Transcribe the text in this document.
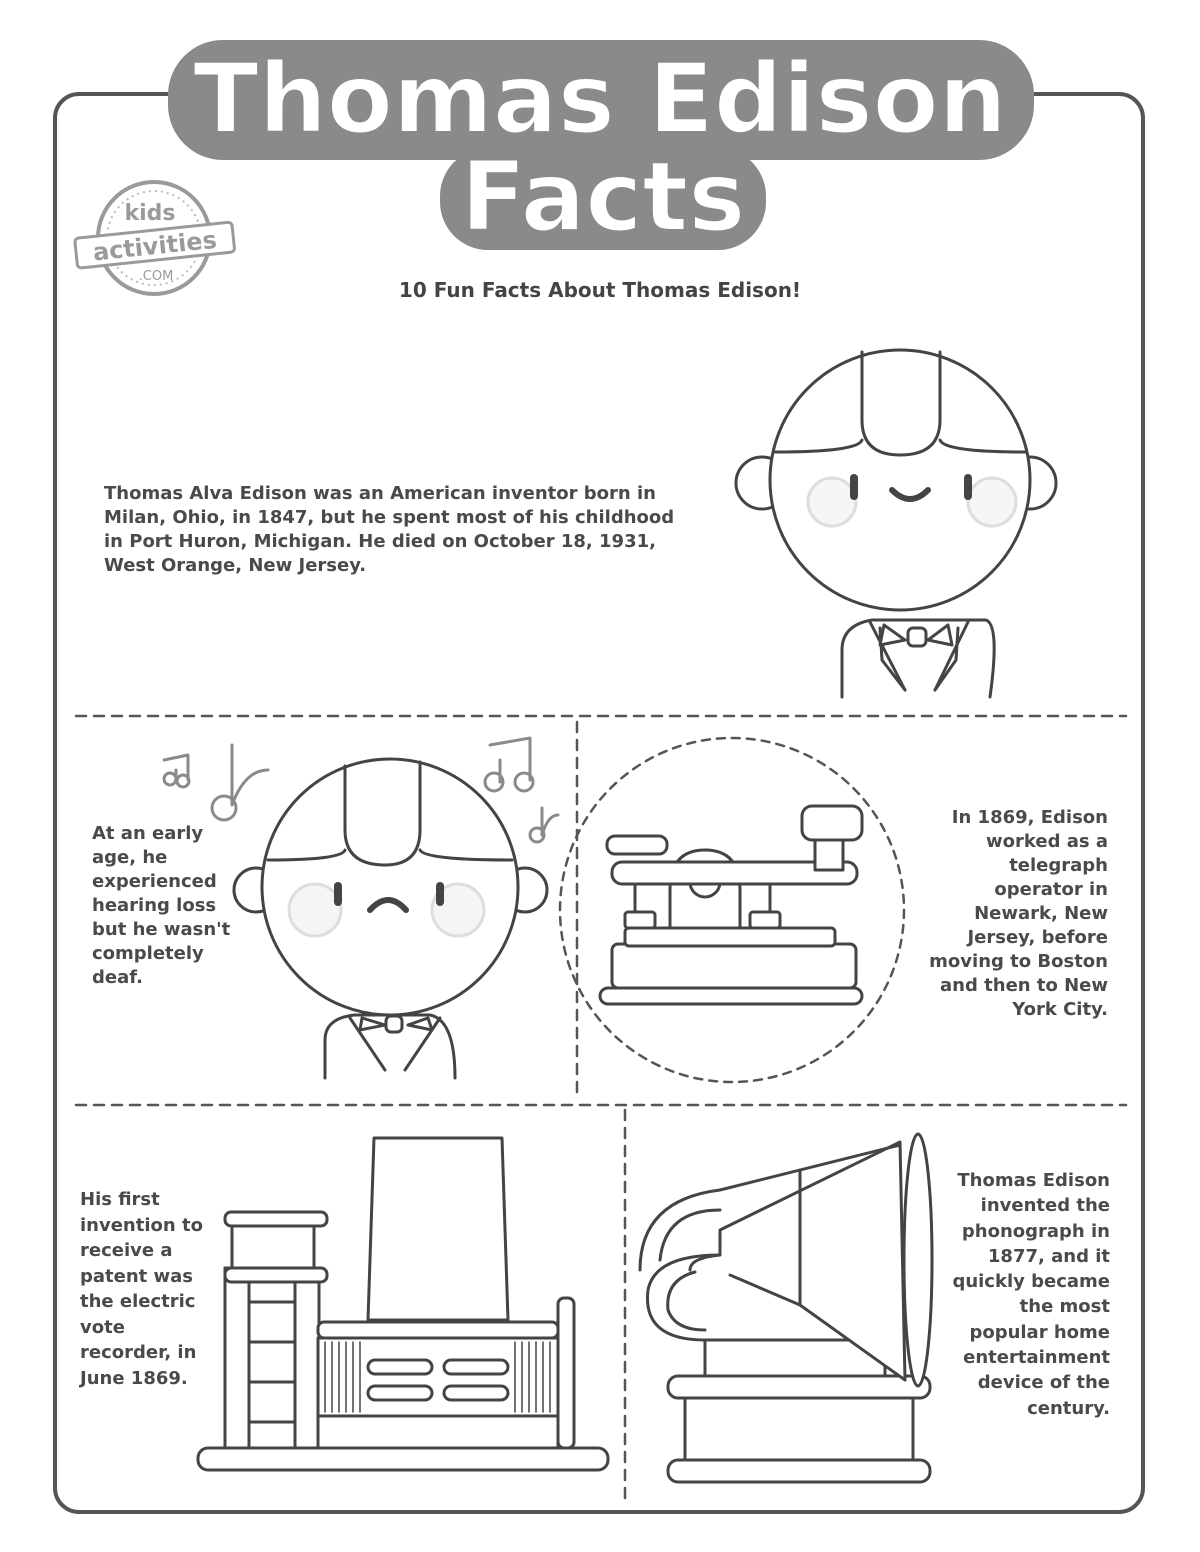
Thomas Edison
Facts
kids
activities
.COM
10 Fun Facts About Thomas Edison!

Thomas Alva Edison was an American inventor born in Milan, Ohio, in 1847, but he spent most of his childhood in Port Huron, Michigan. He died on October 18, 1931, West Orange, New Jersey.

At an early age, he experienced hearing loss but he wasn't completely deaf.

In 1869, Edison worked as a telegraph operator in Newark, New Jersey, before moving to Boston and then to New York City.

His first invention to receive a patent was the electric vote recorder, in June 1869.

Thomas Edison invented the phonograph in 1877, and it quickly became the most popular home entertainment device of the century.
